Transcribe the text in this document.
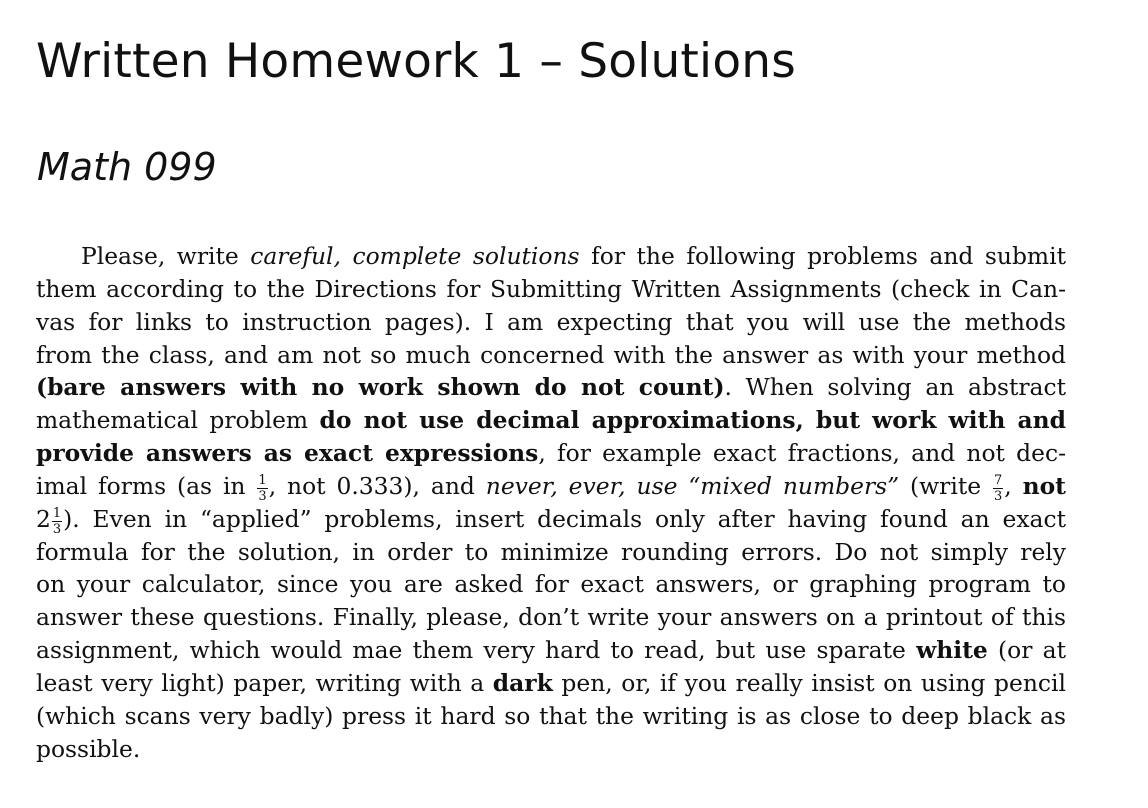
Written Homework 1 – Solutions
Math 099
Please, write careful, complete solutions for the following problems and submit
them according to the Directions for Submitting Written Assignments (check in Can-
vas for links to instruction pages). I am expecting that you will use the methods
from the class, and am not so much concerned with the answer as with your method
(bare answers with no work shown do not count). When solving an abstract
mathematical problem do not use decimal approximations, but work with and
provide answers as exact expressions, for example exact fractions, and not dec-
imal forms (as in $\frac{1}{3}$ , not 0.333), and never, ever, use “mixed numbers” (write $\frac{7}{3}$ , not
$2 \frac{1}{3}$ ). Even in “applied” problems, insert decimals only after having found an exact
formula for the solution, in order to minimize rounding errors. Do not simply rely
on your calculator, since you are asked for exact answers, or graphing program to
answer these questions. Finally, please, don’t write your answers on a printout of this
assignment, which would mae them very hard to read, but use sparate white (or at
least very light) paper, writing with a dark pen, or, if you really insist on using pencil
(which scans very badly) press it hard so that the writing is as close to deep black as
possible.
